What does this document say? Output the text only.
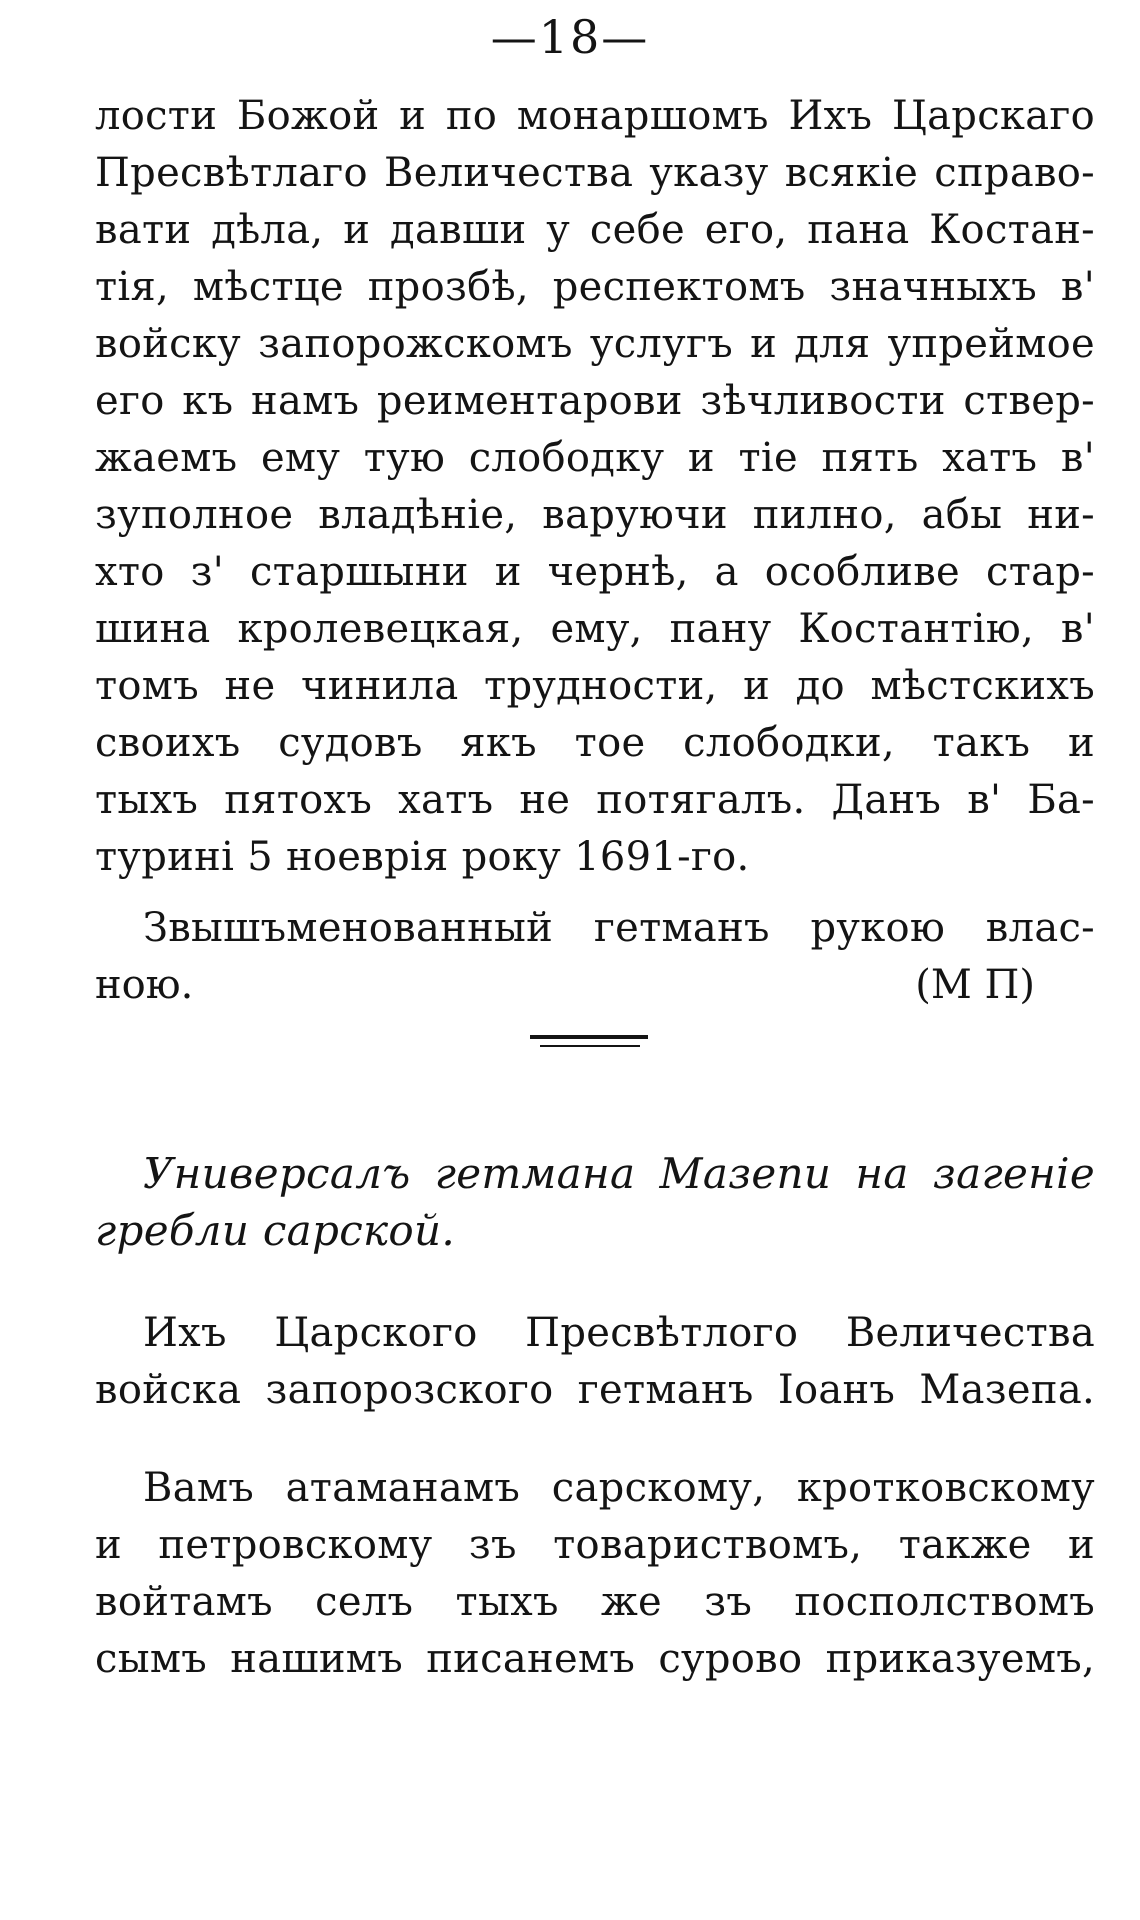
—18—
лости Божой и по монаршомъ Ихъ Царскаго
Пресвѣтлаго Величества указу всякіе справо-
вати дѣла, и давши у себе его, пана Костан-
тія, мѣстце прозбѣ, респектомъ значныхъ в'
войску запорожскомъ услугъ и для упреймое
его къ намъ реиментарови зѣчливости ствер-
жаемъ ему тую слободку и тіе пять хатъ в'
зуполное владѣніе, варуючи пилно, абы ни-
хто з' старшыни и чернѣ, а особливе стар-
шина кролевецкая, ему, пану Костантію, в'
томъ не чинила трудности, и до мѣстскихъ
своихъ судовъ якъ тое слободки, такъ и
тыхъ пятохъ хатъ не потягалъ. Данъ в' Ба-
турині 5 ноеврія року 1691-го.
Звышъменованный гетманъ рукою влас-
ною.	(М П)
Универсалъ гетмана Мазепи на загеніе
гребли сарской.
Ихъ Царского Пресвѣтлого Величества
войска запорозского гетманъ Іоанъ Мазепа.
Вамъ атаманамъ сарскому, кротковскому
и петровскому зъ товариствомъ, также и
войтамъ селъ тыхъ же зъ посполствомъ
сымъ нашимъ писанемъ сурово приказуемъ,
